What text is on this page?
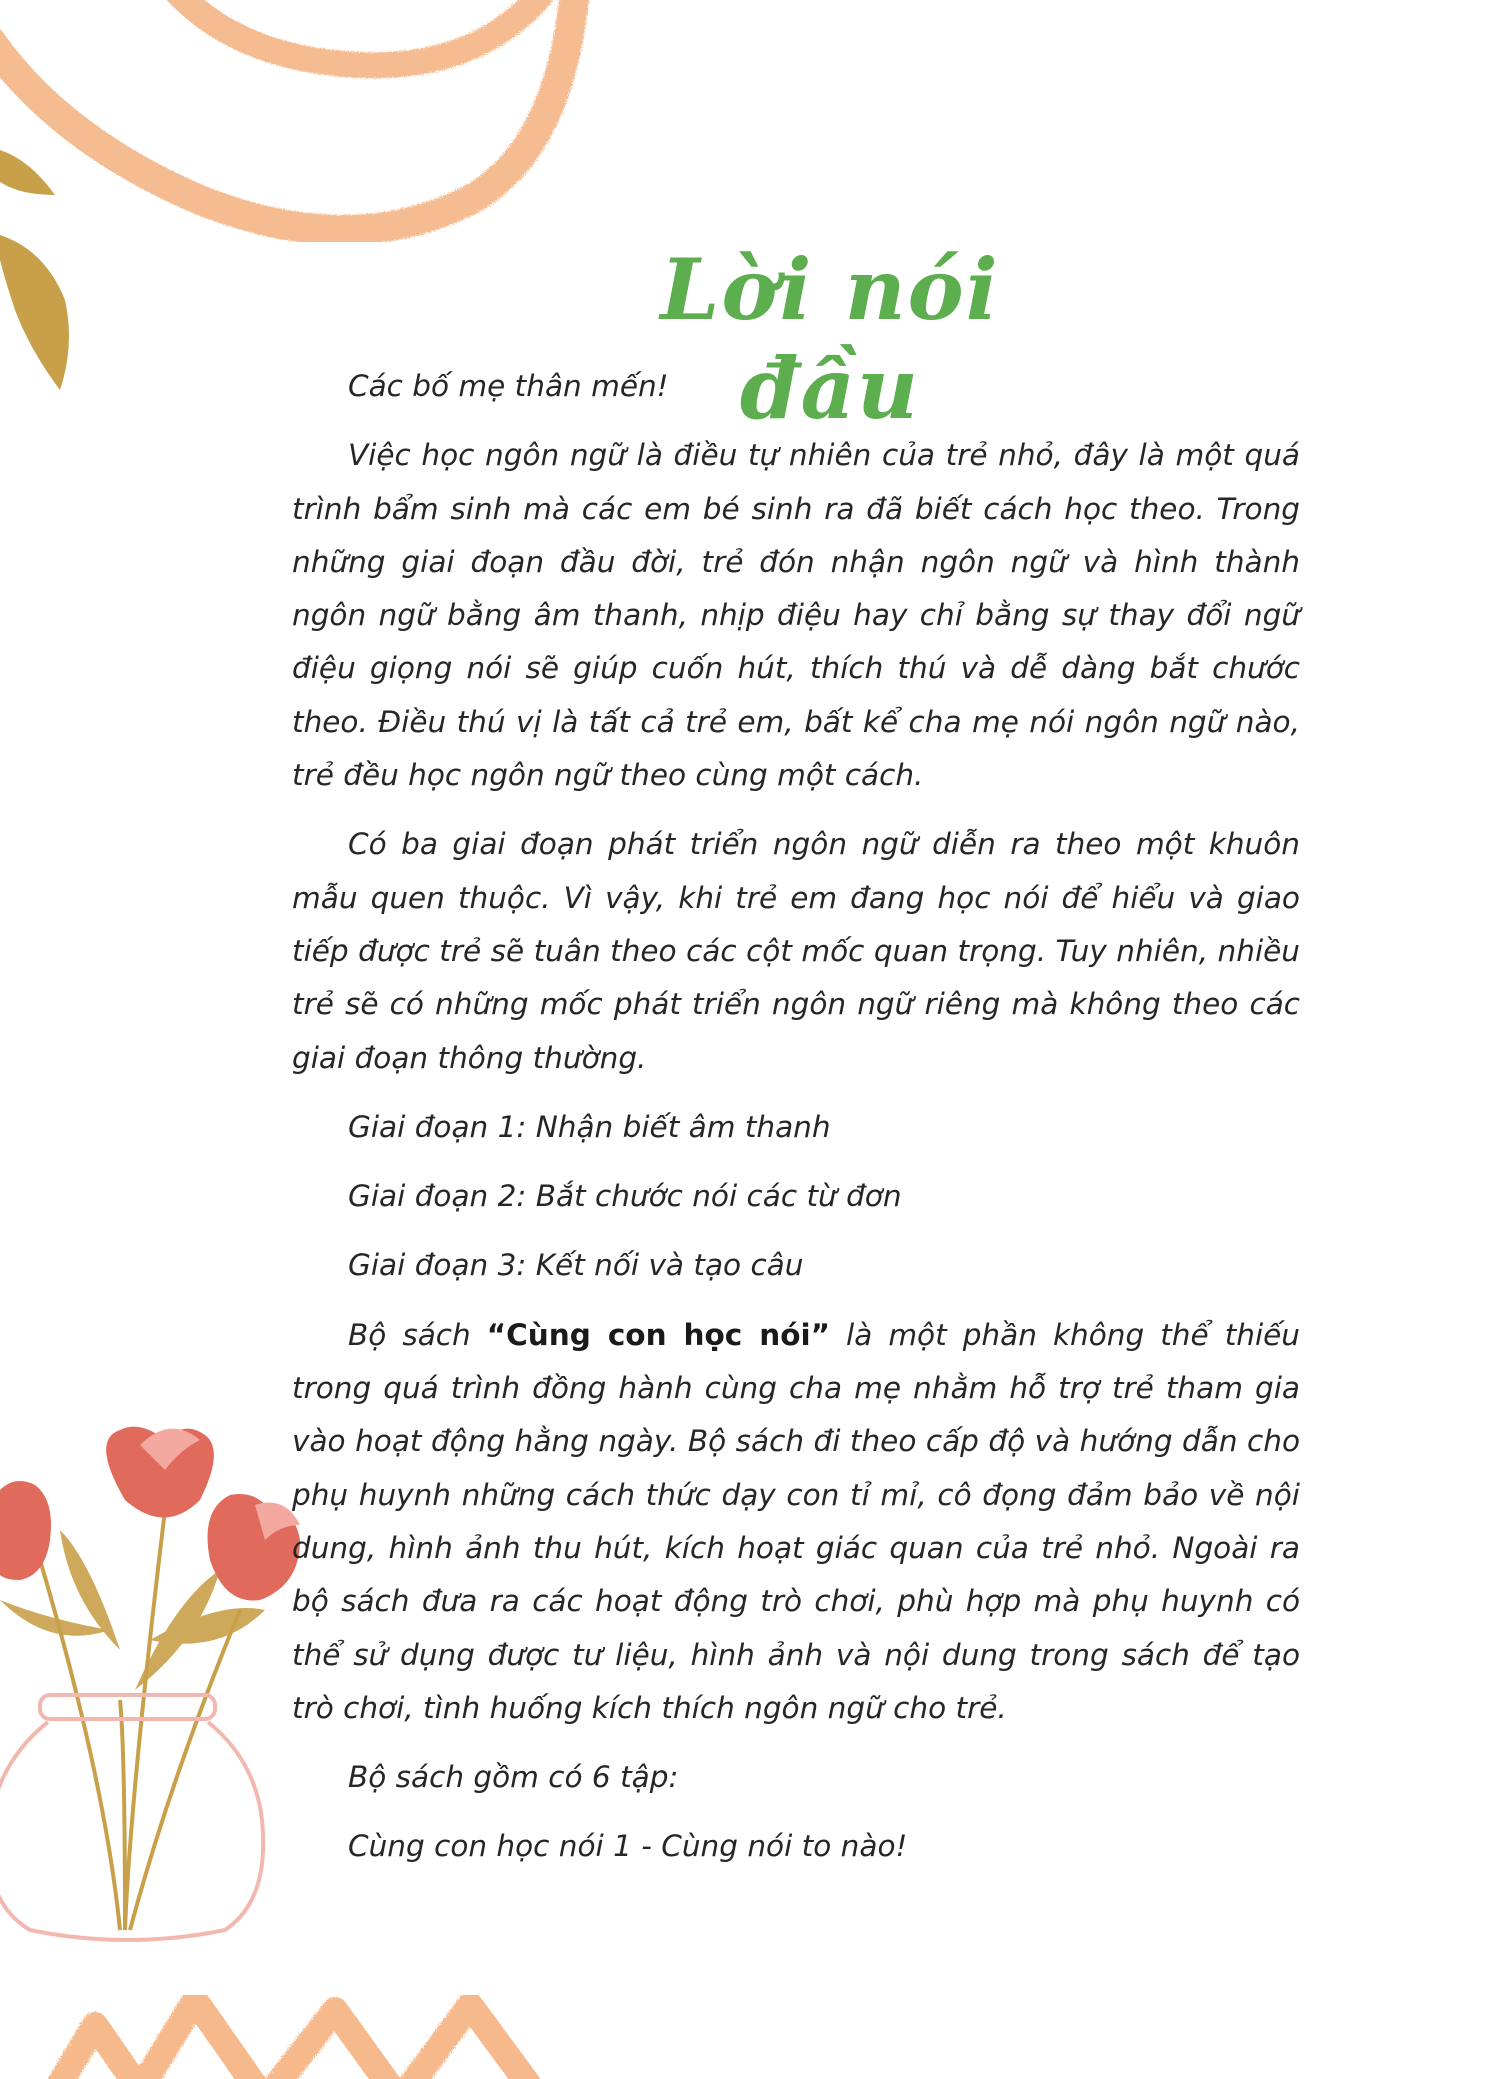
Lời nói đầu

Các bố mẹ thân mến!

Việc học ngôn ngữ là điều tự nhiên của trẻ nhỏ, đây là một quá trình bẩm sinh mà các em bé sinh ra đã biết cách học theo. Trong những giai đoạn đầu đời, trẻ đón nhận ngôn ngữ và hình thành ngôn ngữ bằng âm thanh, nhịp điệu hay chỉ bằng sự thay đổi ngữ điệu giọng nói sẽ giúp cuốn hút, thích thú và dễ dàng bắt chước theo. Điều thú vị là tất cả trẻ em, bất kể cha mẹ nói ngôn ngữ nào, trẻ đều học ngôn ngữ theo cùng một cách.

Có ba giai đoạn phát triển ngôn ngữ diễn ra theo một khuôn mẫu quen thuộc. Vì vậy, khi trẻ em đang học nói để hiểu và giao tiếp được trẻ sẽ tuân theo các cột mốc quan trọng. Tuy nhiên, nhiều trẻ sẽ có những mốc phát triển ngôn ngữ riêng mà không theo các giai đoạn thông thường.

Giai đoạn 1: Nhận biết âm thanh

Giai đoạn 2: Bắt chước nói các từ đơn

Giai đoạn 3: Kết nối và tạo câu

Bộ sách “Cùng con học nói” là một phần không thể thiếu trong quá trình đồng hành cùng cha mẹ nhằm hỗ trợ trẻ tham gia vào hoạt động hằng ngày. Bộ sách đi theo cấp độ và hướng dẫn cho phụ huynh những cách thức dạy con tỉ mỉ, cô đọng đảm bảo về nội dung, hình ảnh thu hút, kích hoạt giác quan của trẻ nhỏ. Ngoài ra bộ sách đưa ra các hoạt động trò chơi, phù hợp mà phụ huynh có thể sử dụng được tư liệu, hình ảnh và nội dung trong sách để tạo trò chơi, tình huống kích thích ngôn ngữ cho trẻ.

Bộ sách gồm có 6 tập:

Cùng con học nói 1 - Cùng nói to nào!
